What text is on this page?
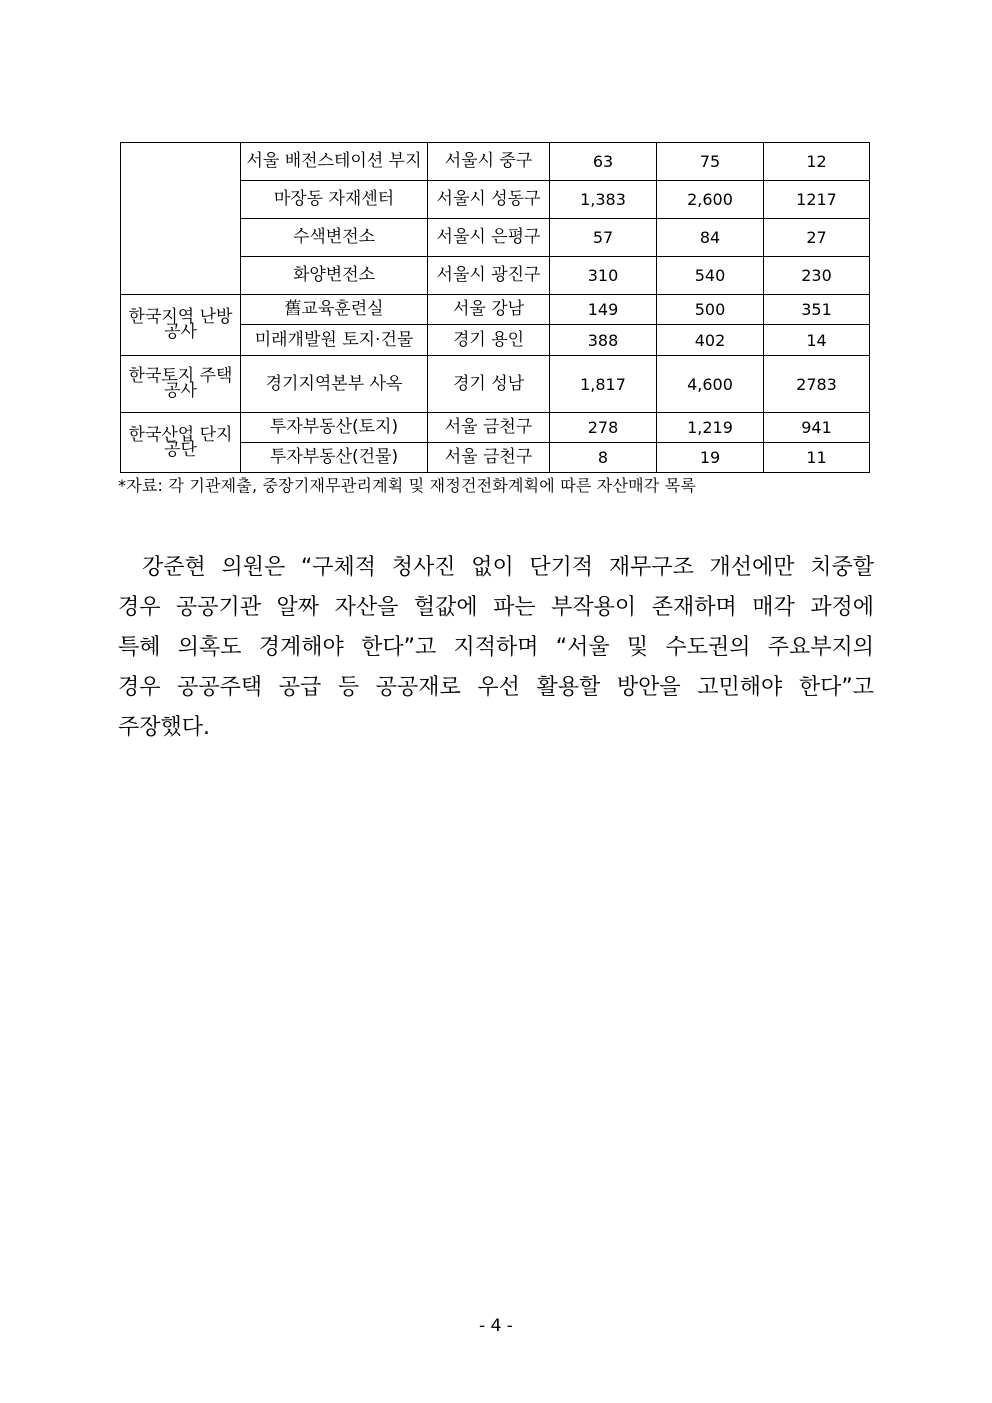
	서울 배전스테이션 부지	서울시 중구	63	75	12
	마장동 자재센터	서울시 성동구	1,383	2,600	1217
	수색변전소	서울시 은평구	57	84	27
	화양변전소	서울시 광진구	310	540	230
한국지역 난방공사	舊교육훈련실	서울 강남	149	500	351
	미래개발원 토지·건물	경기 용인	388	402	14
한국토지 주택공사	경기지역본부 사옥	경기 성남	1,817	4,600	2783
한국산업 단지공단	투자부동산(토지)	서울 금천구	278	1,219	941
	투자부동산(건물)	서울 금천구	8	19	11
*자료: 각 기관제출, 중장기재무관리계획 및 재정건전화계획에 따른 자산매각 목록

강준현 의원은 “구체적 청사진 없이 단기적 재무구조 개선에만 치중할 경우 공공기관 알짜 자산을 헐값에 파는 부작용이 존재하며 매각 과정에 특혜 의혹도 경계해야 한다”고 지적하며 “서울 및 수도권의 주요부지의 경우 공공주택 공급 등 공공재로 우선 활용할 방안을 고민해야 한다”고 주장했다.

- 4 -
